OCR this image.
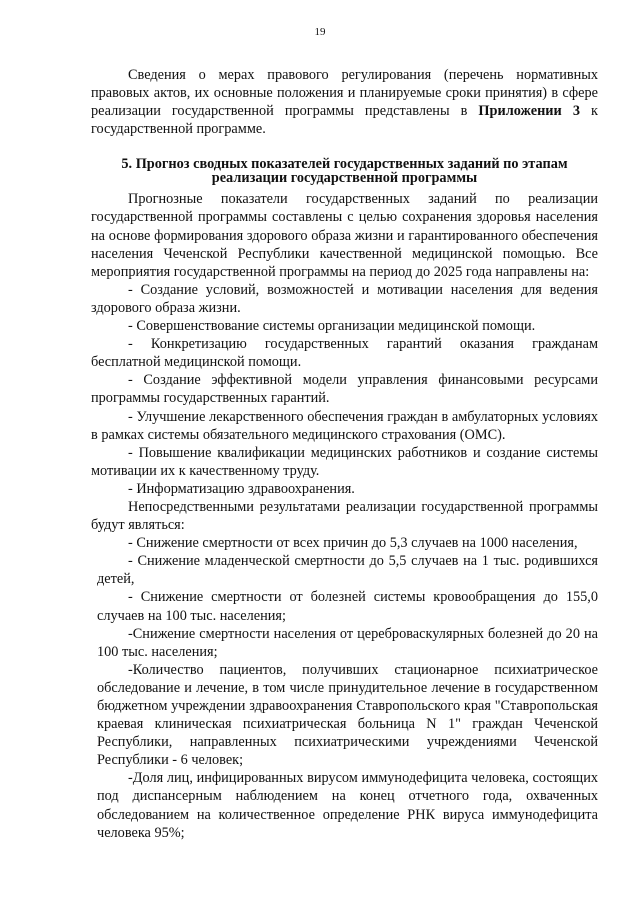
19

Сведения о мерах правового регулирования (перечень нормативных правовых актов, их основные положения и планируемые сроки принятия) в сфере реализации государственной программы представлены в Приложении 3 к государственной программе.

5. Прогноз сводных показателей государственных заданий по этапам
реализации государственной программы

Прогнозные показатели государственных заданий по реализации государственной программы составлены с целью сохранения здоровья населения на основе формирования здорового образа жизни и гарантированного обеспечения населения Чеченской Республики качественной медицинской помощью. Все мероприятия государственной программы на период до 2025 года направлены на:

- Создание условий, возможностей и мотивации населения для ведения здорового образа жизни.

- Совершенствование системы организации медицинской помощи.

- Конкретизацию государственных гарантий оказания гражданам бесплатной медицинской помощи.

- Создание эффективной модели управления финансовыми ресурсами программы государственных гарантий.

- Улучшение лекарственного обеспечения граждан в амбулаторных условиях в рамках системы обязательного медицинского страхования (ОМС).

- Повышение квалификации медицинских работников и создание системы мотивации их к качественному труду.

- Информатизацию здравоохранения.

Непосредственными результатами реализации государственной программы будут являться:

- Снижение смертности от всех причин до 5,3 случаев на 1000 населения,

- Снижение младенческой смертности до 5,5 случаев на 1 тыс. родившихся детей,

- Снижение смертности от болезней системы кровообращения до 155,0 случаев на 100 тыс. населения;

-Снижение смертности населения от цереброваскулярных болезней до 20 на 100 тыс. населения;

-Количество пациентов, получивших стационарное психиатрическое обследование и лечение, в том числе принудительное лечение в государственном бюджетном учреждении здравоохранения Ставропольского края "Ставропольская краевая клиническая психиатрическая больница N 1" граждан Чеченской Республики, направленных психиатрическими учреждениями Чеченской Республики - 6 человек;

-Доля лиц, инфицированных вирусом иммунодефицита человека, состоящих под диспансерным наблюдением на конец отчетного года, охваченных обследованием на количественное определение РНК вируса иммунодефицита человека 95%;
